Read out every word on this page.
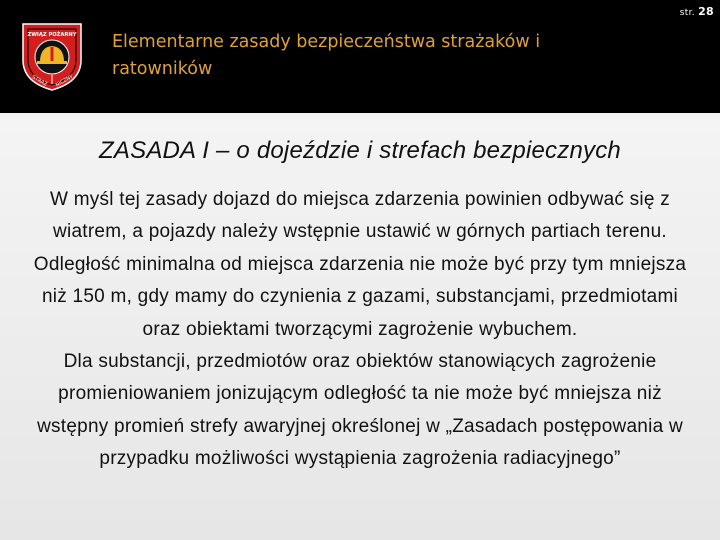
str. 28
ZWIĄZ POŻARNY
STRAŻ NICZNY
Elementarne zasady bezpieczeństwa strażaków i ratowników
ZASADA I – o dojeździe i strefach bezpiecznych

W myśl tej zasady dojazd do miejsca zdarzenia powinien odbywać się z wiatrem, a pojazdy należy wstępnie ustawić w górnych partiach terenu. Odległość minimalna od miejsca zdarzenia nie może być przy tym mniejsza niż 150 m, gdy mamy do czynienia z gazami, substancjami, przedmiotami oraz obiektami tworzącymi zagrożenie wybuchem.

Dla substancji, przedmiotów oraz obiektów stanowiących zagrożenie promieniowaniem jonizującym odległość ta nie może być mniejsza niż wstępny promień strefy awaryjnej określonej w „Zasadach postępowania w przypadku możliwości wystąpienia zagrożenia radiacyjnego”
